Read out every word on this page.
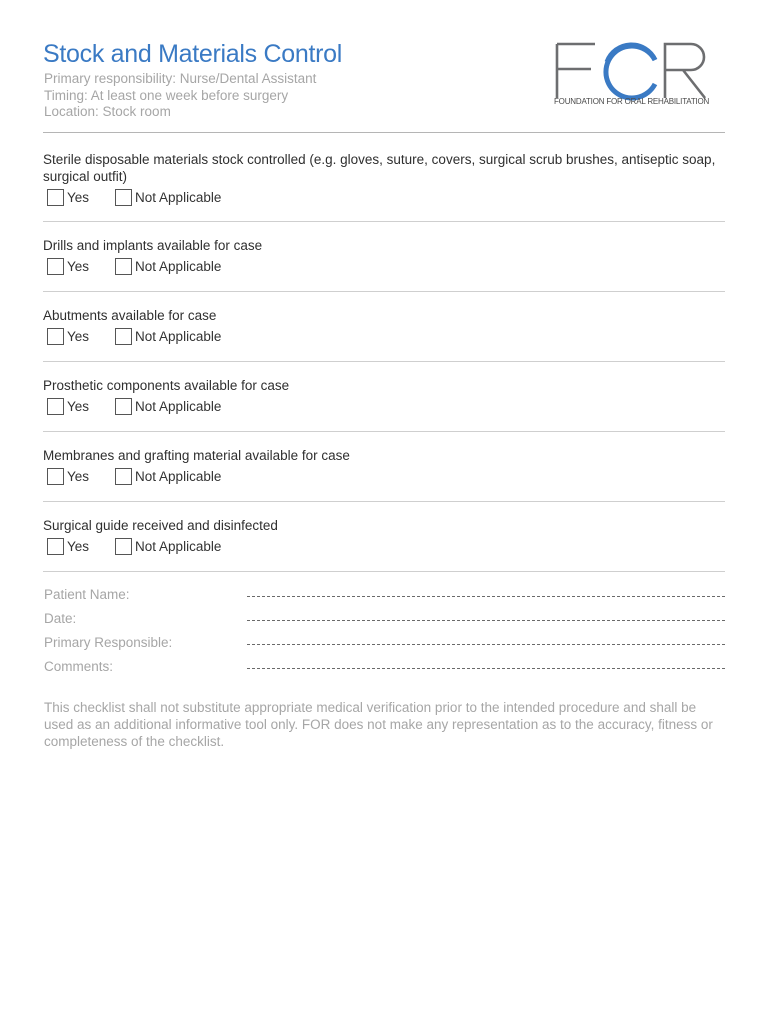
Stock and Materials Control
Primary responsibility: Nurse/Dental Assistant
Timing: At least one week before surgery
Location: Stock room
FOUNDATION FOR ORAL REHABILITATION
Sterile disposable materials stock controlled (e.g. gloves, suture, covers, surgical scrub brushes, antiseptic soap, surgical outfit)
Yes	Not Applicable
Drills and implants available for case
Yes	Not Applicable
Abutments available for case
Yes	Not Applicable
Prosthetic components available for case
Yes	Not Applicable
Membranes and grafting material available for case
Yes	Not Applicable
Surgical guide received and disinfected
Yes	Not Applicable
Patient Name:
Date:
Primary Responsible:
Comments:
This checklist shall not substitute appropriate medical verification prior to the intended procedure and shall be used as an additional informative tool only. FOR does not make any representation as to the accuracy, fitness or completeness of the checklist.
